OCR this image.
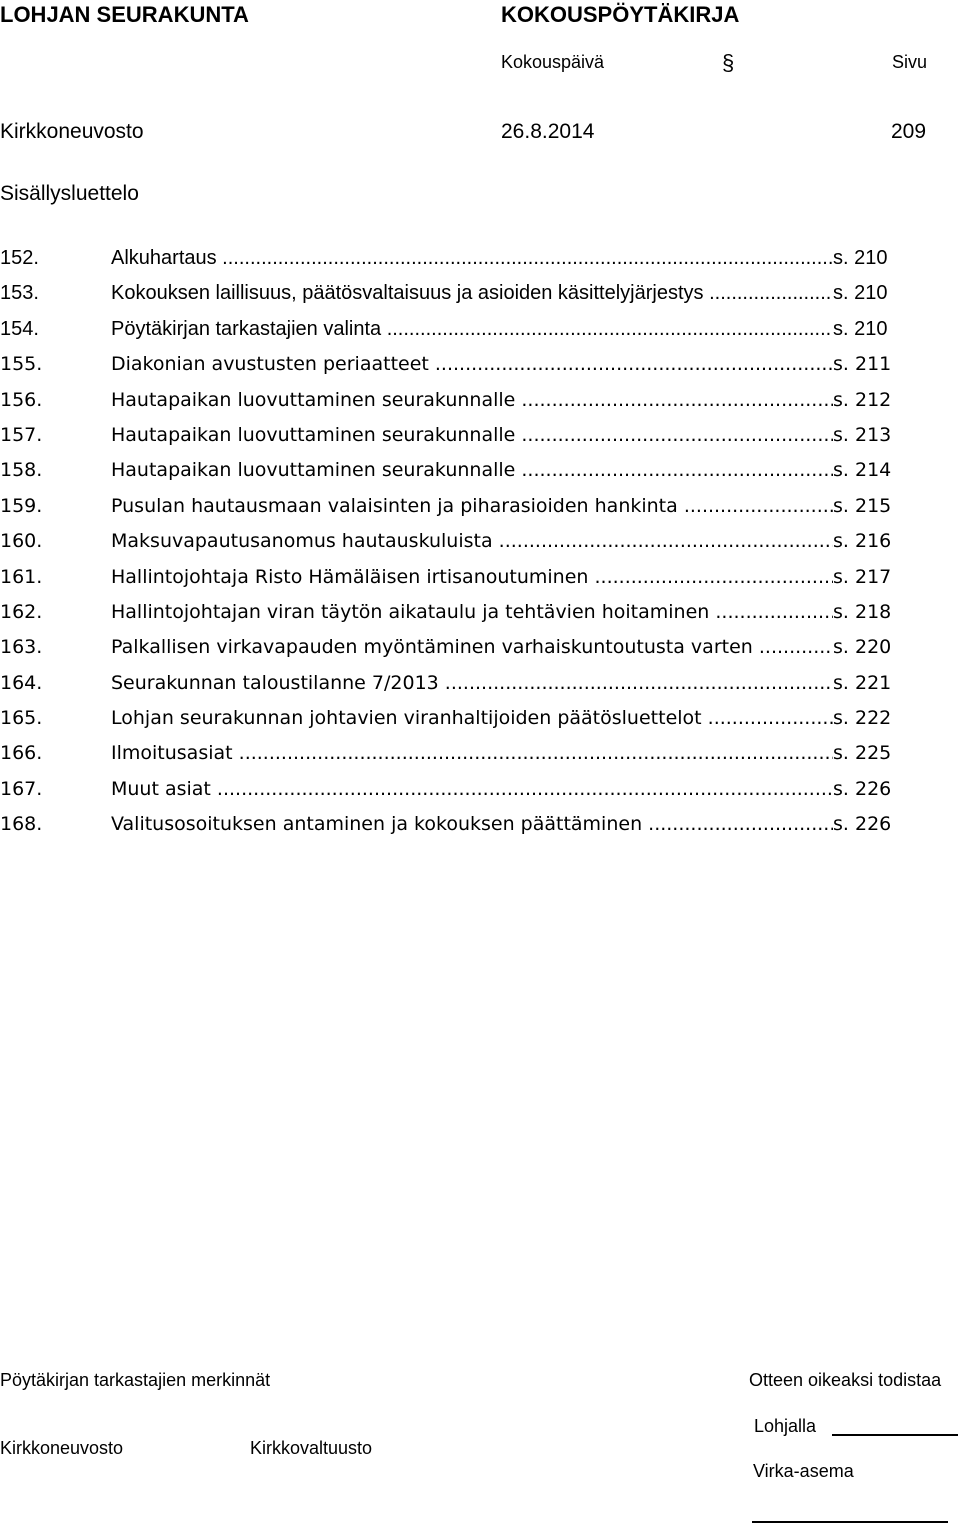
LOHJAN SEURAKUNTA	KOKOUSPÖYTÄKIRJA
Kokouspäivä	§	Sivu
Kirkkoneuvosto	26.8.2014	209
Sisällysluettelo
152.	Alkuhartaus .....	s. 210
153.	Kokouksen laillisuus, päätösvaltaisuus ja asioiden käsittelyjärjestys .....	s. 210
154.	Pöytäkirjan tarkastajien valinta .....	s. 210
155.	Diakonian avustusten periaatteet .....	s. 211
156.	Hautapaikan luovuttaminen seurakunnalle .....	s. 212
157.	Hautapaikan luovuttaminen seurakunnalle .....	s. 213
158.	Hautapaikan luovuttaminen seurakunnalle .....	s. 214
159.	Pusulan hautausmaan valaisinten ja piharasioiden hankinta .....	s. 215
160.	Maksuvapautusanomus hautauskuluista .....	s. 216
161.	Hallintojohtaja Risto Hämäläisen irtisanoutuminen .....	s. 217
162.	Hallintojohtajan viran täytön aikataulu ja tehtävien hoitaminen .....	s. 218
163.	Palkallisen virkavapauden myöntäminen varhaiskuntoutusta varten .....	s. 220
164.	Seurakunnan taloustilanne 7/2013 .....	s. 221
165.	Lohjan seurakunnan johtavien viranhaltijoiden päätösluettelot .....	s. 222
166.	Ilmoitusasiat .....	s. 225
167.	Muut asiat .....	s. 226
168.	Valitusosoituksen antaminen ja kokouksen päättäminen .....	s. 226
Pöytäkirjan tarkastajien merkinnät	Otteen oikeaksi todistaa
Lohjalla
Kirkkoneuvosto	Kirkkovaltuusto
Virka-asema
